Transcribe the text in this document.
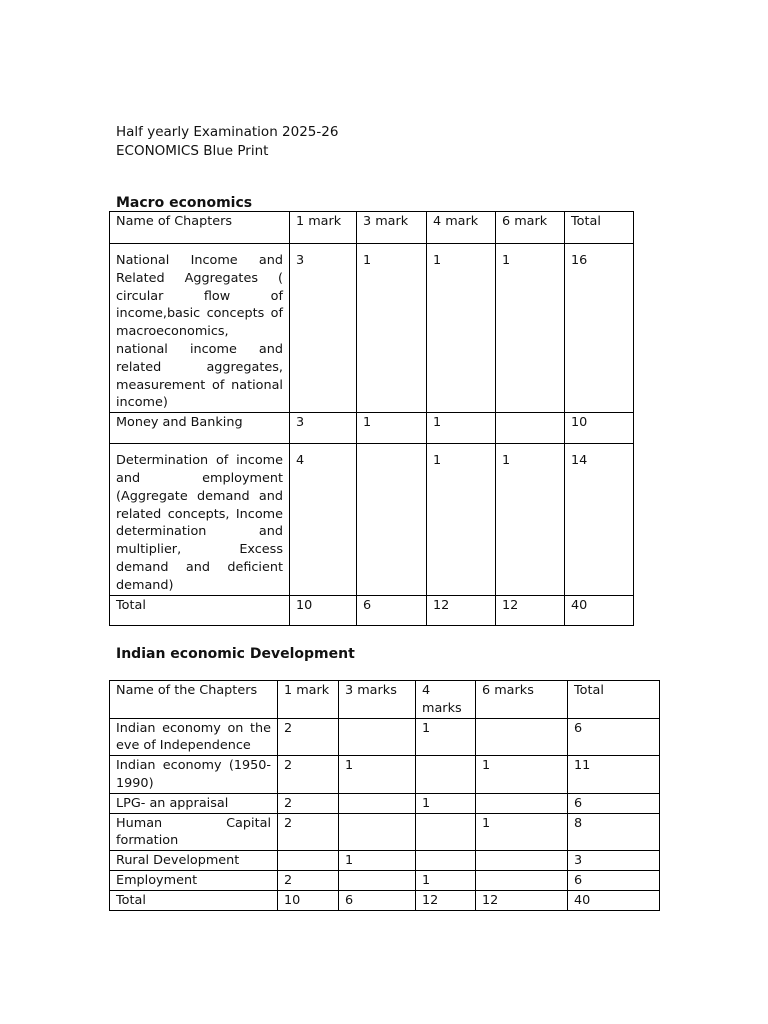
Half yearly Examination 2025-26
ECONOMICS Blue Print
Macro economics
Name of Chapters	1 mark	3 mark	4 mark	6 mark	Total
National Income and Related Aggregates ( circular flow of income,basic concepts of macroeconomics, national income and related aggregates, measurement of national income)	3	1	1	1	16
Money and Banking	3	1	1		10
Determination of income and employment (Aggregate demand and related concepts, Income determination and multiplier, Excess demand and deficient demand)	4		1	1	14
Total	10	6	12	12	40
Indian economic Development
Name of the Chapters	1 mark	3 marks	4 marks	6 marks	Total
Indian economy on the eve of Independence	2		1		6
Indian economy (1950-1990)	2	1		1	11
LPG- an appraisal	2		1		6
Human Capital formation	2			1	8
Rural Development		1			3
Employment	2		1		6
Total	10	6	12	12	40
